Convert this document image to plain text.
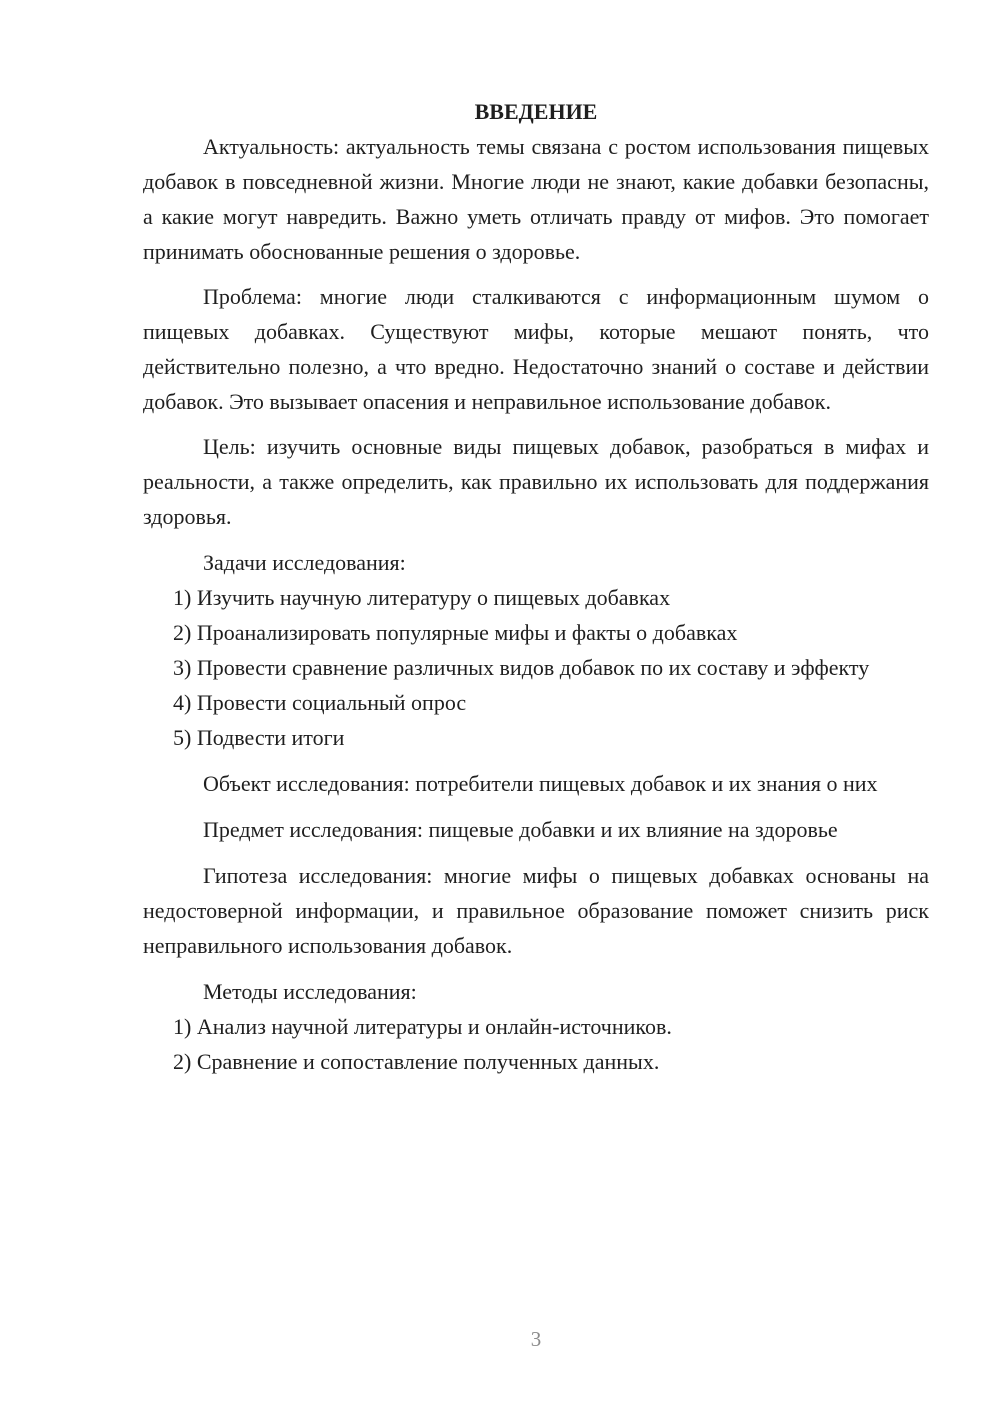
ВВЕДЕНИЕ

Актуальность: актуальность темы связана с ростом использования пищевых добавок в повседневной жизни. Многие люди не знают, какие добавки безопасны, а какие могут навредить. Важно уметь отличать правду от мифов. Это помогает принимать обоснованные решения о здоровье.

Проблема: многие люди сталкиваются с информационным шумом о пищевых добавках. Существуют мифы, которые мешают понять, что действительно полезно, а что вредно. Недостаточно знаний о составе и действии добавок. Это вызывает опасения и неправильное использование добавок.

Цель: изучить основные виды пищевых добавок, разобраться в мифах и реальности, а также определить, как правильно их использовать для поддержания здоровья.

Задачи исследования:

1) Изучить научную литературу о пищевых добавках

2) Проанализировать популярные мифы и факты о добавках

3) Провести сравнение различных видов добавок по их составу и эффекту

4) Провести социальный опрос

5) Подвести итоги

Объект исследования: потребители пищевых добавок и их знания о них

Предмет исследования: пищевые добавки и их влияние на здоровье

Гипотеза исследования: многие мифы о пищевых добавках основаны на недостоверной информации, и правильное образование поможет снизить риск неправильного использования добавок.

Методы исследования:

1) Анализ научной литературы и онлайн-источников.

2) Сравнение и сопоставление полученных данных.

3
